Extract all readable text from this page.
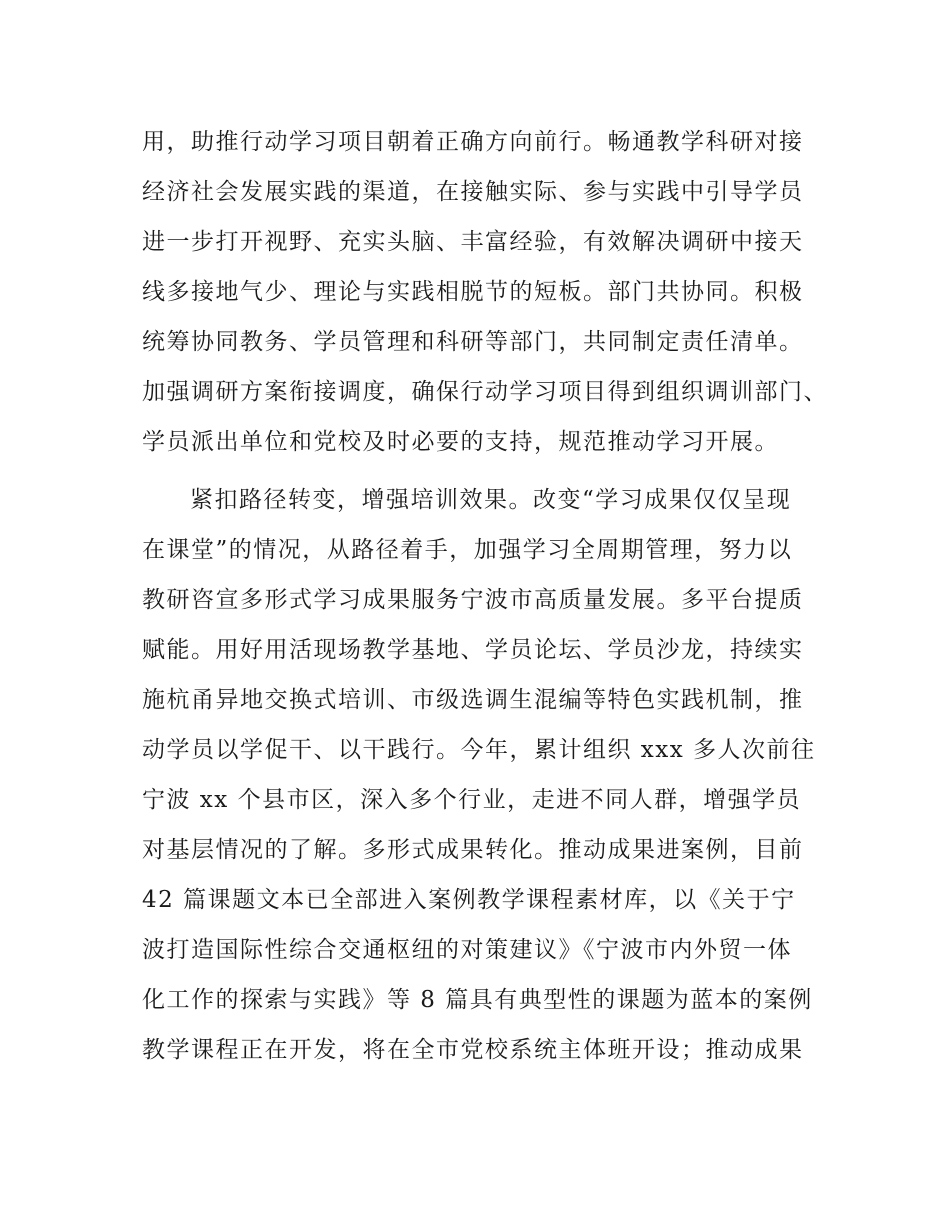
用，助推行动学习项目朝着正确方向前行。畅通教学科研对接
经济社会发展实践的渠道，在接触实际、参与实践中引导学员
进一步打开视野、充实头脑、丰富经验，有效解决调研中接天
线多接地气少、理论与实践相脱节的短板。部门共协同。积极
统筹协同教务、学员管理和科研等部门，共同制定责任清单。
加强调研方案衔接调度，确保行动学习项目得到组织调训部门、
学员派出单位和党校及时必要的支持，规范推动学习开展。
紧扣路径转变，增强培训效果。改变“学习成果仅仅呈现
在课堂”的情况，从路径着手，加强学习全周期管理，努力以
教研咨宣多形式学习成果服务宁波市高质量发展。多平台提质
赋能。用好用活现场教学基地、学员论坛、学员沙龙，持续实
施杭甬异地交换式培训、市级选调生混编等特色实践机制，推
动学员以学促干、以干践行。今年，累计组织 xxx 多人次前往
宁波 xx 个县市区，深入多个行业，走进不同人群，增强学员
对基层情况的了解。多形式成果转化。推动成果进案例，目前
42 篇课题文本已全部进入案例教学课程素材库，以《关于宁
波打造国际性综合交通枢纽的对策建议》《宁波市内外贸一体
化工作的探索与实践》等 8 篇具有典型性的课题为蓝本的案例
教学课程正在开发，将在全市党校系统主体班开设；推动成果
